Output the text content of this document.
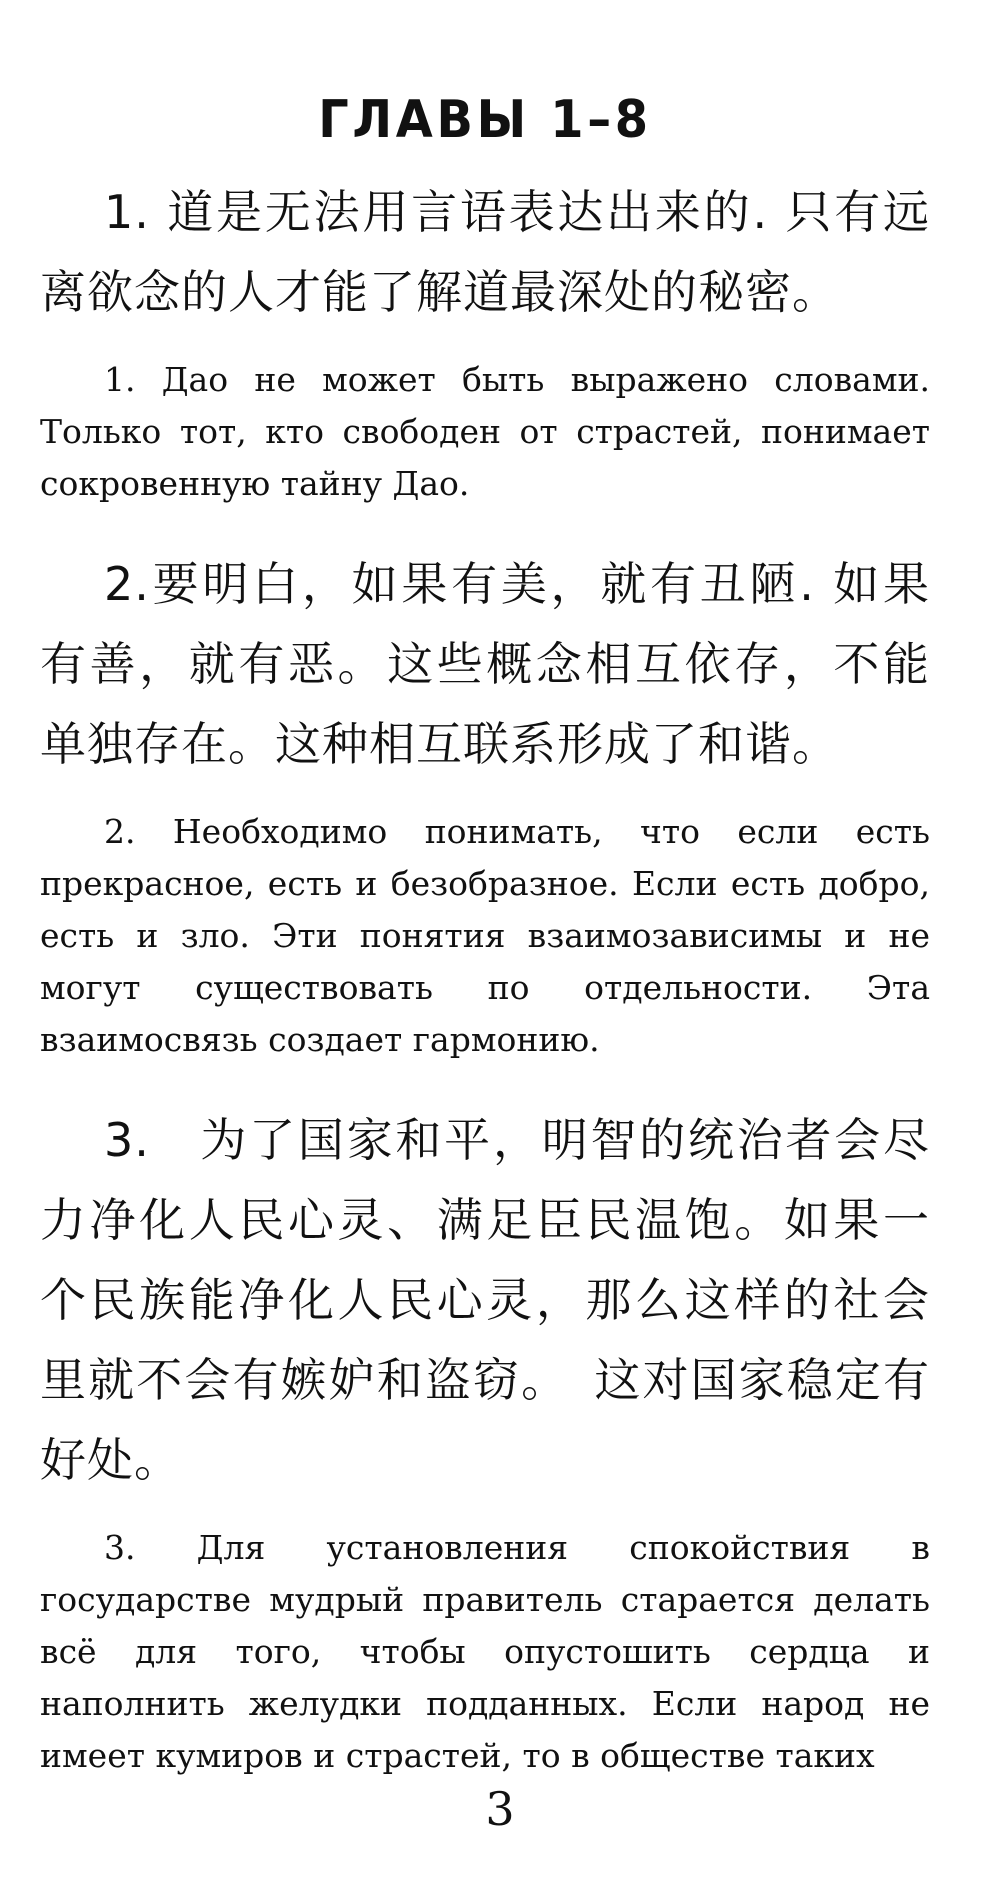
ГЛАВЫ 1–8

1. 道是无法用言语表达出来的. 只有远离欲念的人才能了解道最深处的秘密。

1. Дао не может быть выражено словами. Только тот, кто свободен от страстей, понимает сокровенную тайну Дао.

2.要明白，如果有美，就有丑陋. 如果有善，就有恶。这些概念相互依存，不能单独存在。这种相互联系形成了和谐。

2. Необходимо понимать, что если есть прекрасное, есть и безобразное. Если есть добро, есть и зло. Эти понятия взаимозависимы и не могут существовать по отдельности. Эта взаимосвязь создает гармонию.

3.　为了国家和平，明智的统治者会尽力净化人民心灵、满足臣民温饱。如果一个民族能净化人民心灵，那么这样的社会里就不会有嫉妒和盗窃。　这对国家稳定有好处。

3. Для установления спокойствия в государстве мудрый правитель старается делать всё для того, чтобы опустошить сердца и наполнить желудки подданных. Если народ не имеет кумиров и страстей, то в обществе таких

3
